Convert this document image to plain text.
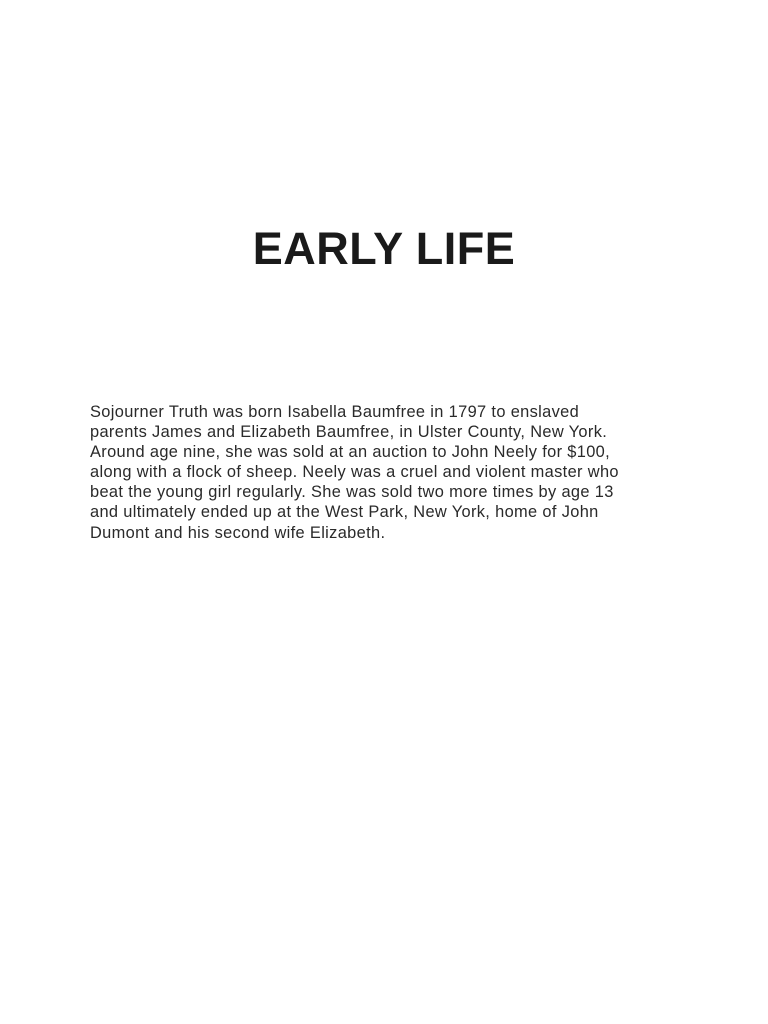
EARLY LIFE

Sojourner Truth was born Isabella Baumfree in 1797 to enslaved
parents James and Elizabeth Baumfree, in Ulster County, New York.
Around age nine, she was sold at an auction to John Neely for $100,
along with a flock of sheep. Neely was a cruel and violent master who
beat the young girl regularly. She was sold two more times by age 13
and ultimately ended up at the West Park, New York, home of John
Dumont and his second wife Elizabeth.
